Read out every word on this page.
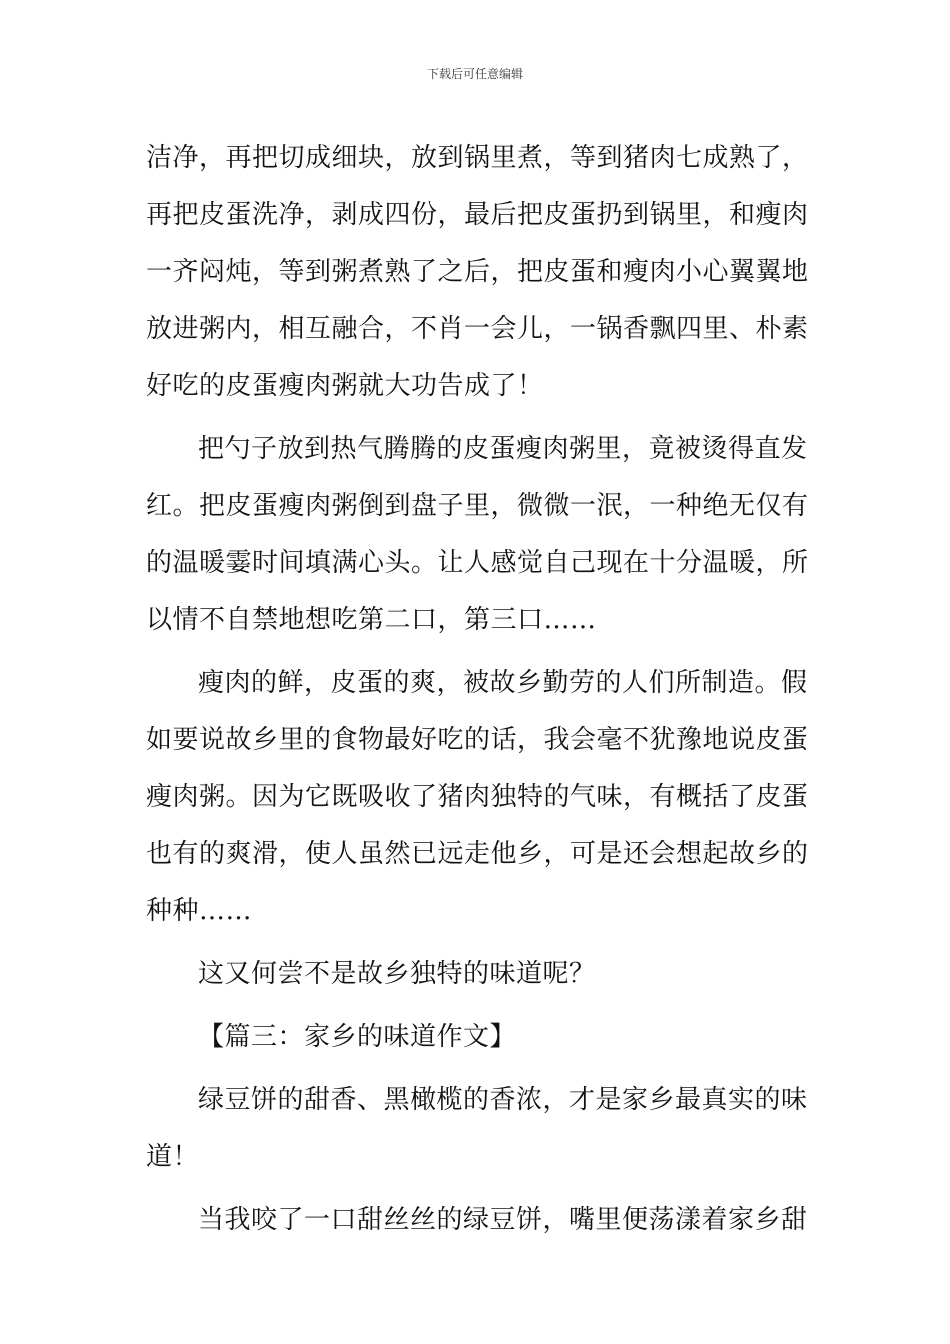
下载后可任意编辑
洁净，再把切成细块，放到锅里煮，等到猪肉七成熟了，
再把皮蛋洗净，剥成四份，最后把皮蛋扔到锅里，和瘦肉
一齐闷炖，等到粥煮熟了之后，把皮蛋和瘦肉小心翼翼地
放进粥内，相互融合，不肖一会儿，一锅香飘四里、朴素
好吃的皮蛋瘦肉粥就大功告成了！
把勺子放到热气腾腾的皮蛋瘦肉粥里，竟被烫得直发
红。把皮蛋瘦肉粥倒到盘子里，微微一泯，一种绝无仅有
的温暖霎时间填满心头。让人感觉自己现在十分温暖，所
以情不自禁地想吃第二口，第三口……
瘦肉的鲜，皮蛋的爽，被故乡勤劳的人们所制造。假
如要说故乡里的食物最好吃的话，我会毫不犹豫地说皮蛋
瘦肉粥。因为它既吸收了猪肉独特的气味，有概括了皮蛋
也有的爽滑，使人虽然已远走他乡，可是还会想起故乡的
种种……
这又何尝不是故乡独特的味道呢？
【篇三：家乡的味道作文】
绿豆饼的甜香、黑橄榄的香浓，才是家乡最真实的味
道！
当我咬了一口甜丝丝的绿豆饼，嘴里便荡漾着家乡甜
